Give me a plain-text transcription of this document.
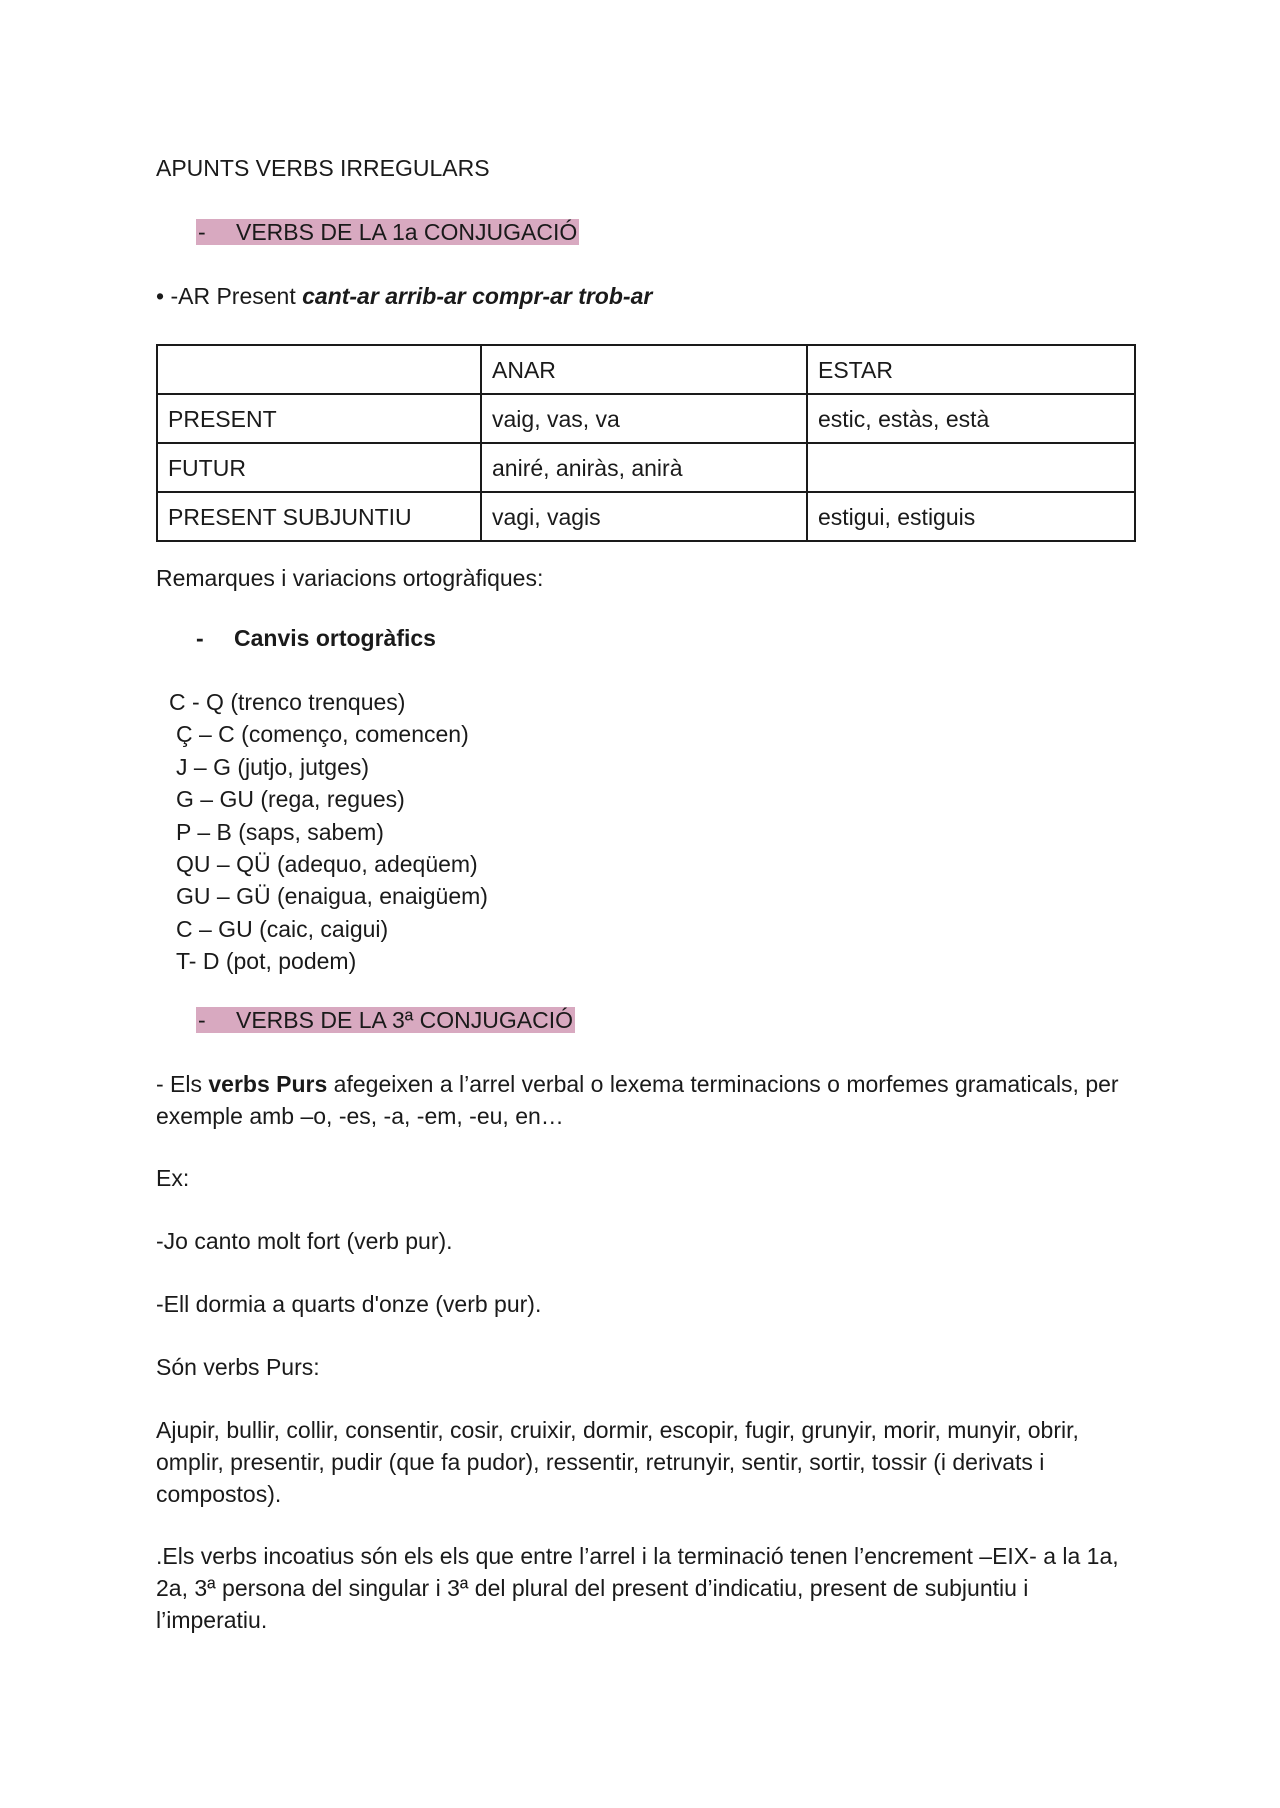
APUNTS VERBS IRREGULARS
- VERBS DE LA 1a CONJUGACIÓ
• -AR Present cant-ar arrib-ar compr-ar trob-ar
	ANAR	ESTAR
PRESENT	vaig, vas, va	estic, estàs, està
FUTUR	aniré, aniràs, anirà	
PRESENT SUBJUNTIU	vagi, vagis	estigui, estiguis
Remarques i variacions ortogràfiques:
- Canvis ortogràfics
C - Q (trenco trenques)
Ç – C (començo, comencen)
J – G (jutjo, jutges)
G – GU (rega, regues)
P – B (saps, sabem)
QU – QÜ (adequo, adeqüem)
GU – GÜ (enaigua, enaigüem)
C – GU (caic, caigui)
T- D (pot, podem)
- VERBS DE LA 3ª CONJUGACIÓ
- Els verbs Purs afegeixen a l’arrel verbal o lexema terminacions o morfemes gramaticals, per exemple amb –o, -es, -a, -em, -eu, en…
Ex:
-Jo canto molt fort (verb pur).
-Ell dormia a quarts d'onze (verb pur).
Són verbs Purs:
Ajupir, bullir, collir, consentir, cosir, cruixir, dormir, escopir, fugir, grunyir, morir, munyir, obrir, omplir, presentir, pudir (que fa pudor), ressentir, retrunyir, sentir, sortir, tossir (i derivats i compostos).
.Els verbs incoatius són els els que entre l’arrel i la terminació tenen l’encrement –EIX- a la 1a, 2a, 3ª persona del singular i 3ª del plural del present d’indicatiu, present de subjuntiu i l’imperatiu.
